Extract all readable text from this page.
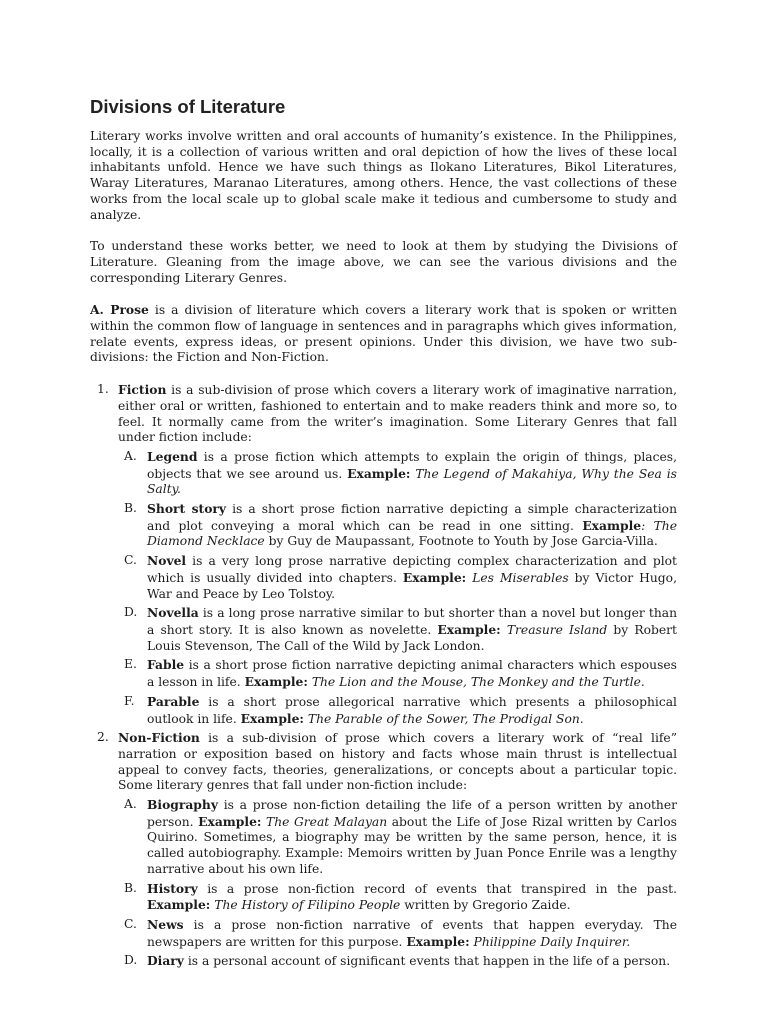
Divisions of Literature

Literary works involve written and oral accounts of humanity’s existence. In the Philippines, locally, it is a collection of various written and oral depiction of how the lives of these local inhabitants unfold. Hence we have such things as Ilokano Literatures, Bikol Literatures, Waray Literatures, Maranao Literatures, among others. Hence, the vast collections of these works from the local scale up to global scale make it tedious and cumbersome to study and analyze.

To understand these works better, we need to look at them by studying the Divisions of Literature. Gleaning from the image above, we can see the various divisions and the corresponding Literary Genres.

A. Prose is a division of literature which covers a literary work that is spoken or written within the common flow of language in sentences and in paragraphs which gives information, relate events, express ideas, or present opinions. Under this division, we have two sub-divisions: the Fiction and Non-Fiction.

1. Fiction is a sub-division of prose which covers a literary work of imaginative narration, either oral or written, fashioned to entertain and to make readers think and more so, to feel. It normally came from the writer’s imagination. Some Literary Genres that fall under fiction include:
A. Legend is a prose fiction which attempts to explain the origin of things, places, objects that we see around us. Example: The Legend of Makahiya, Why the Sea is Salty.
B. Short story is a short prose fiction narrative depicting a simple characterization and plot conveying a moral which can be read in one sitting. Example: The Diamond Necklace by Guy de Maupassant, Footnote to Youth by Jose Garcia-Villa.
C. Novel is a very long prose narrative depicting complex characterization and plot which is usually divided into chapters. Example: Les Miserables by Victor Hugo, War and Peace by Leo Tolstoy.
D. Novella is a long prose narrative similar to but shorter than a novel but longer than a short story. It is also known as novelette. Example: Treasure Island by Robert Louis Stevenson, The Call of the Wild by Jack London.
E. Fable is a short prose fiction narrative depicting animal characters which espouses a lesson in life. Example: The Lion and the Mouse, The Monkey and the Turtle.
F. Parable is a short prose allegorical narrative which presents a philosophical outlook in life. Example: The Parable of the Sower, The Prodigal Son.
2. Non-Fiction is a sub-division of prose which covers a literary work of “real life” narration or exposition based on history and facts whose main thrust is intellectual appeal to convey facts, theories, generalizations, or concepts about a particular topic. Some literary genres that fall under non-fiction include:
A. Biography is a prose non-fiction detailing the life of a person written by another person. Example: The Great Malayan about the Life of Jose Rizal written by Carlos Quirino. Sometimes, a biography may be written by the same person, hence, it is called autobiography. Example: Memoirs written by Juan Ponce Enrile was a lengthy narrative about his own life.
B. History is a prose non-fiction record of events that transpired in the past. Example: The History of Filipino People written by Gregorio Zaide.
C. News is a prose non-fiction narrative of events that happen everyday. The newspapers are written for this purpose. Example: Philippine Daily Inquirer.
D. Diary is a personal account of significant events that happen in the life of a person.
